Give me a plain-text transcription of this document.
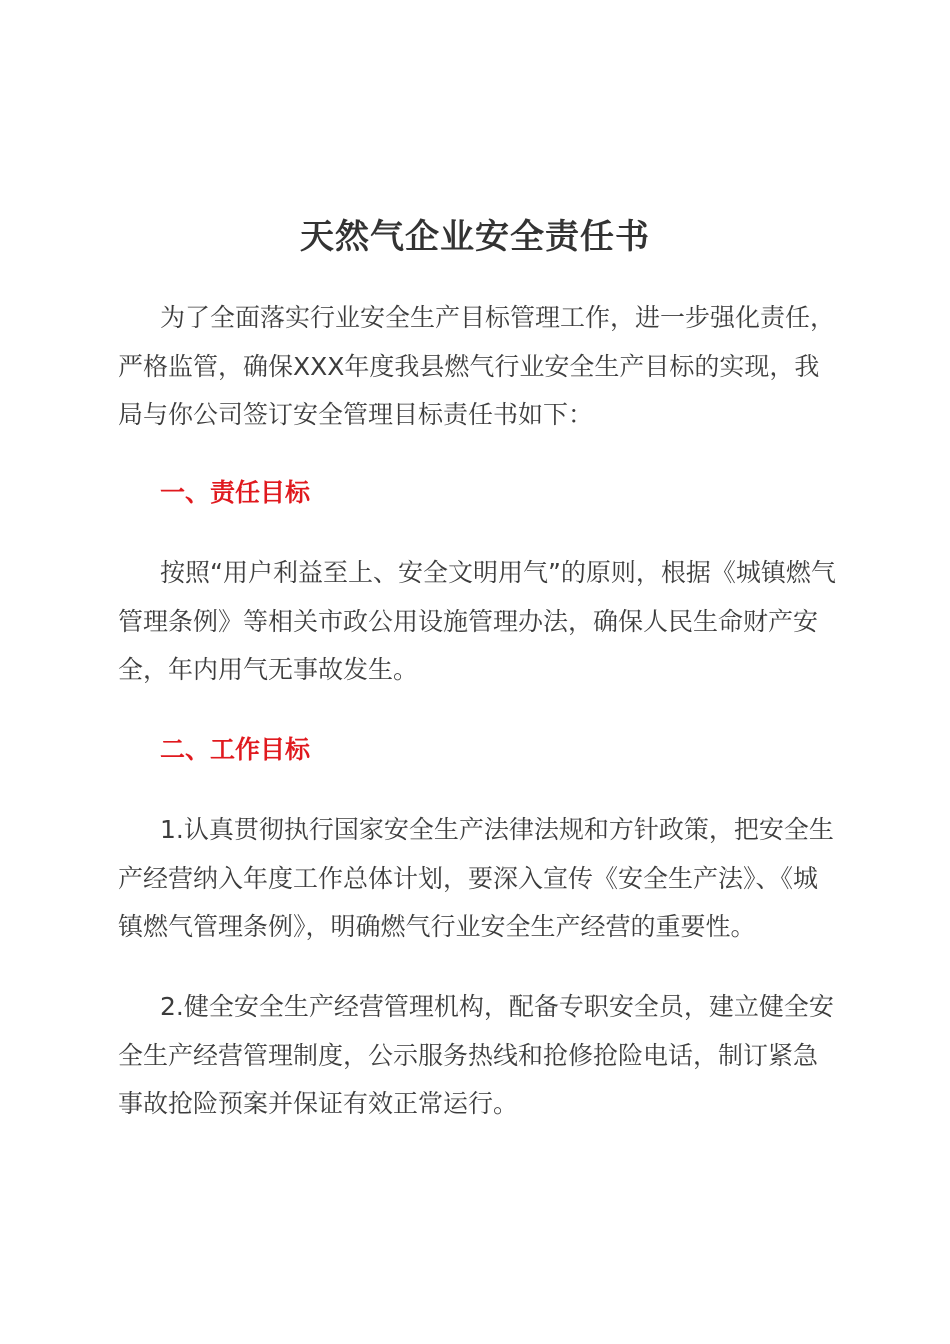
天然气企业安全责任书

为了全面落实行业安全生产目标管理工作，进一步强化责任，严格监管，确保XXX年度我县燃气行业安全生产目标的实现，我局与你公司签订安全管理目标责任书如下：

一、责任目标

按照“用户利益至上、安全文明用气”的原则，根据《城镇燃气管理条例》等相关市政公用设施管理办法，确保人民生命财产安全，年内用气无事故发生。

二、工作目标

1.认真贯彻执行国家安全生产法律法规和方针政策，把安全生产经营纳入年度工作总体计划，要深入宣传《安全生产法》、《城镇燃气管理条例》，明确燃气行业安全生产经营的重要性。

2.健全安全生产经营管理机构，配备专职安全员，建立健全安全生产经营管理制度，公示服务热线和抢修抢险电话，制订紧急事故抢险预案并保证有效正常运行。
